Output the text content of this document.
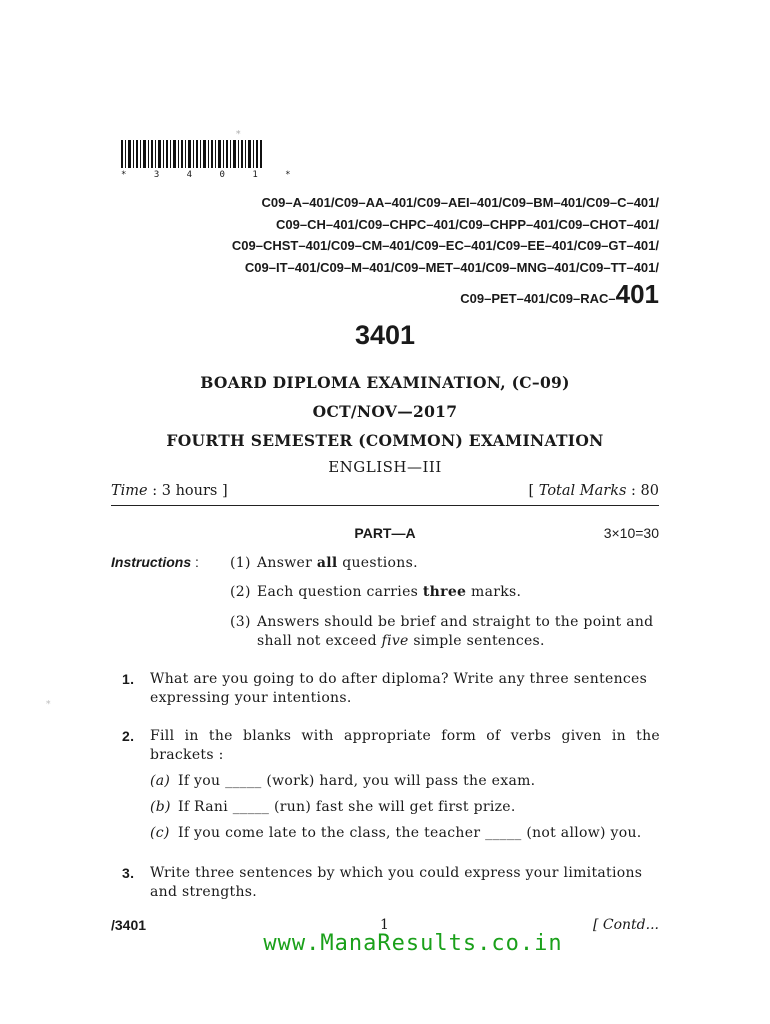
*
* 3 4 0 1 *
C09–A–401/C09–AA–401/C09–AEI–401/C09–BM–401/C09–C–401/
C09–CH–401/C09–CHPC–401/C09–CHPP–401/C09–CHOT–401/
C09–CHST–401/C09–CM–401/C09–EC–401/C09–EE–401/C09–GT–401/
C09–IT–401/C09–M–401/C09–MET–401/C09–MNG–401/C09–TT–401/
C09–PET–401/C09–RAC–401
3401
BOARD DIPLOMA EXAMINATION, (C–09)
OCT/NOV—2017
FOURTH SEMESTER (COMMON) EXAMINATION
ENGLISH—III
Time : 3 hours ]	[ Total Marks : 80
PART—A	3×10=30
Instructions : (1) Answer all questions.
(2) Each question carries three marks.
(3) Answers should be brief and straight to the point and shall not exceed five simple sentences.
*
1. What are you going to do after diploma? Write any three sentences expressing your intentions.
2. Fill in the blanks with appropriate form of verbs given in the brackets :
(a) If you _____ (work) hard, you will pass the exam.
(b) If Rani _____ (run) fast she will get first prize.
(c) If you come late to the class, the teacher _____ (not allow) you.
3. Write three sentences by which you could express your limitations and strengths.
/3401	1	[ Contd...
www.ManaResults.co.in
